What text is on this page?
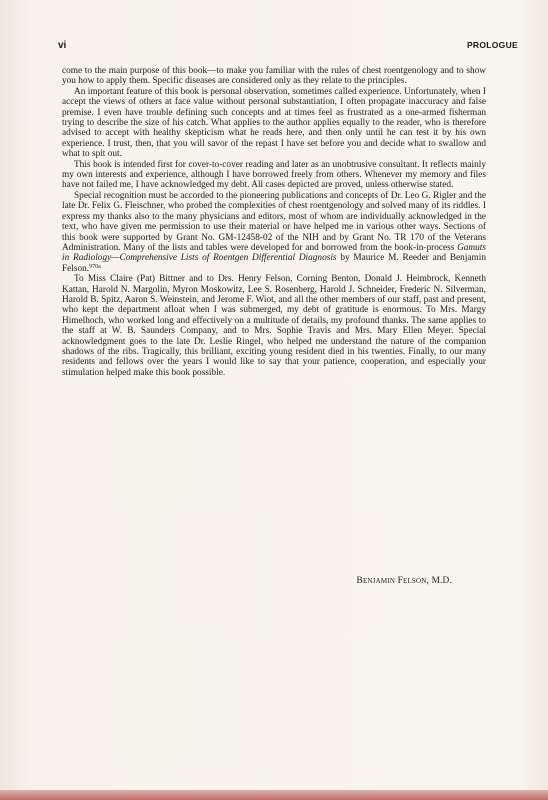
vi	PROLOGUE

come to the main purpose of this book—to make you familiar with the rules of chest roentgenology and to show you how to apply them. Specific diseases are considered only as they relate to the principles.

An important feature of this book is personal observation, sometimes called experience. Unfortunately, when I accept the views of others at face value without personal substantiation, I often propagate inaccuracy and false premise. I even have trouble defining such concepts and at times feel as frustrated as a one-armed fisherman trying to describe the size of his catch. What applies to the author applies equally to the reader, who is therefore advised to accept with healthy skepticism what he reads here, and then only until he can test it by his own experience. I trust, then, that you will savor of the repast I have set before you and decide what to swallow and what to spit out.

This book is intended first for cover-to-cover reading and later as an unobtrusive consultant. It reflects mainly my own interests and experience, although I have borrowed freely from others. Whenever my memory and files have not failed me, I have acknowledged my debt. All cases depicted are proved, unless otherwise stated.

Special recognition must be accorded to the pioneering publications and concepts of Dr. Leo G. Rigler and the late Dr. Felix G. Fleischner, who probed the complexities of chest roentgenology and solved many of its riddles. I express my thanks also to the many physicians and editors, most of whom are individually acknowledged in the text, who have given me permission to use their material or have helped me in various other ways. Sections of this book were supported by Grant No. GM-12458-02 of the NIH and by Grant No. TR 170 of the Veterans Administration. Many of the lists and tables were developed for and borrowed from the book-in-process Gamuts in Radiology—Comprehensive Lists of Roentgen Differential Diagnosis by Maurice M. Reeder and Benjamin Felson.$^{970a}$

To Miss Claire (Pat) Bittner and to Drs. Henry Felson, Corning Benton, Donald J. Heimbrock, Kenneth Kattan, Harold N. Margolin, Myron Moskowitz, Lee S. Rosenberg, Harold J. Schneider, Frederic N. Silverman, Harold B. Spitz, Aaron S. Weinstein, and Jerome F. Wiot, and all the other members of our staff, past and present, who kept the department afloat when I was submerged, my debt of gratitude is enormous. To Mrs. Margy Himelhoch, who worked long and effectively on a multitude of details, my profound thanks. The same applies to the staff at W. B. Saunders Company, and to Mrs. Sophie Travis and Mrs. Mary Ellen Meyer. Special acknowledgment goes to the late Dr. Leslie Ringel, who helped me understand the nature of the companion shadows of the ribs. Tragically, this brilliant, exciting young resident died in his twenties. Finally, to our many residents and fellows over the years I would like to say that your patience, cooperation, and especially your stimulation helped make this book possible.

Benjamin Felson, M.D.
